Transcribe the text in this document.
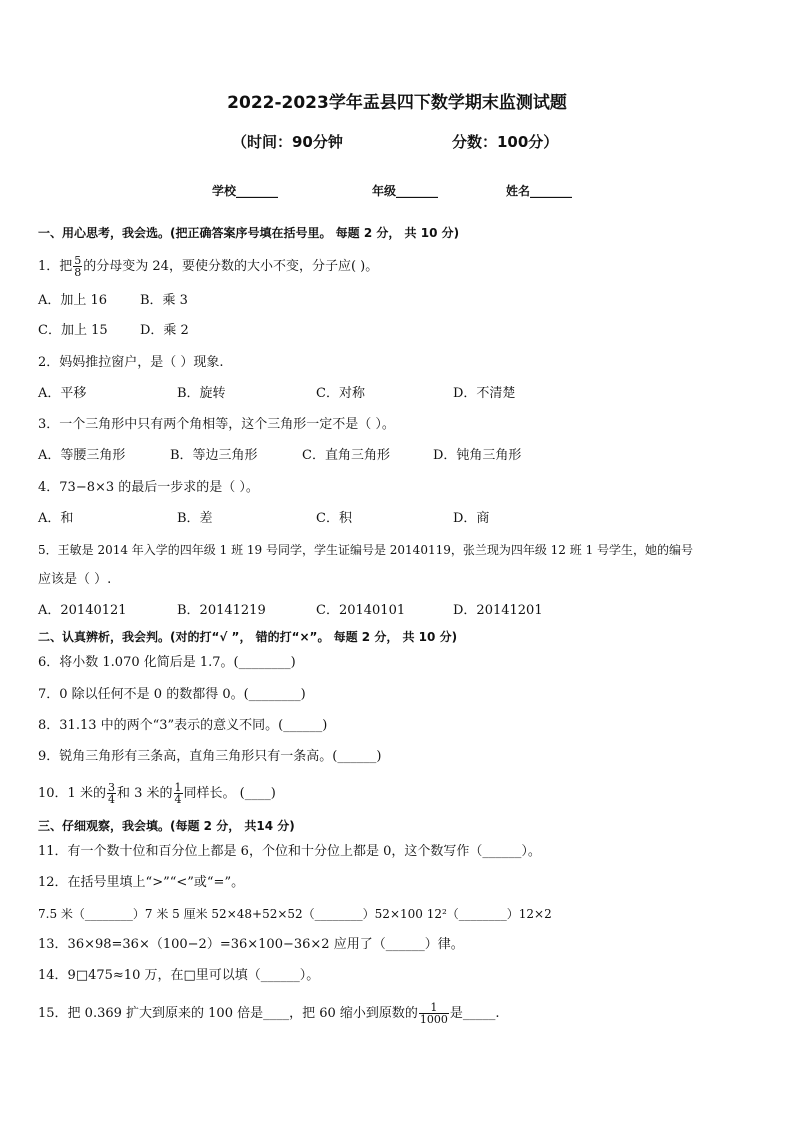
2022-2023学年盂县四下数学期末监测试题
（时间：90分钟	分数：100分）
学校_______	年级_______	姓名_______
一、用心思考，我会选。(把正确答案序号填在括号里。 每题 2 分， 共 10 分)
1．把 $\frac{5}{8}$ 的分母变为 24，要使分数的大小不变，分子应( )。
A．加上 16	B．乘 3
C．加上 15 D．乘 2
2．妈妈推拉窗户，是（ ）现象.
A．平移	B．旋转	C．对称	D．不清楚
3．一个三角形中只有两个角相等，这个三角形一定不是（ ）。
A．等腰三角形	B．等边三角形	C．直角三角形	D．钝角三角形
4．73−8×3 的最后一步求的是（ ）。
A．和	B．差	C．积	D．商
5．王敏是 2014 年入学的四年级 1 班 19 号同学，学生证编号是 20140119，张兰现为四年级 12 班 1 号学生，她的编号
应该是（ ）.
A．20140121	B．20141219	C．20140101	D．20141201
二、认真辨析，我会判。(对的打“√ ”， 错的打“×”。 每题 2 分， 共 10 分)
6．将小数 1.070 化简后是 1.7。(________)
7．0 除以任何不是 0 的数都得 0。(________)
8．31.13 中的两个“3”表示的意义不同。(______)
9．锐角三角形有三条高，直角三角形只有一条高。(______)
10．1 米的 $\frac{3}{4}$ 和 3 米的 $\frac{1}{4}$ 同样长。 (____)
三、仔细观察，我会填。(每题 2 分， 共14 分)
11．有一个数十位和百分位上都是 6，个位和十分位上都是 0，这个数写作（______）。
12．在括号里填上“>”“<”或“=”。
7.5 米（________）7 米 5 厘米 52×48+52×52（________）52×100 12²（________）12×2
13．36×98=36×（100−2）=36×100−36×2 应用了（______）律。
14．9□475≈10 万，在□里可以填（______）。
15．把 0.369 扩大到原来的 100 倍是____，把 60 缩小到原数的 $\frac{1}{1000}$ 是_____.
